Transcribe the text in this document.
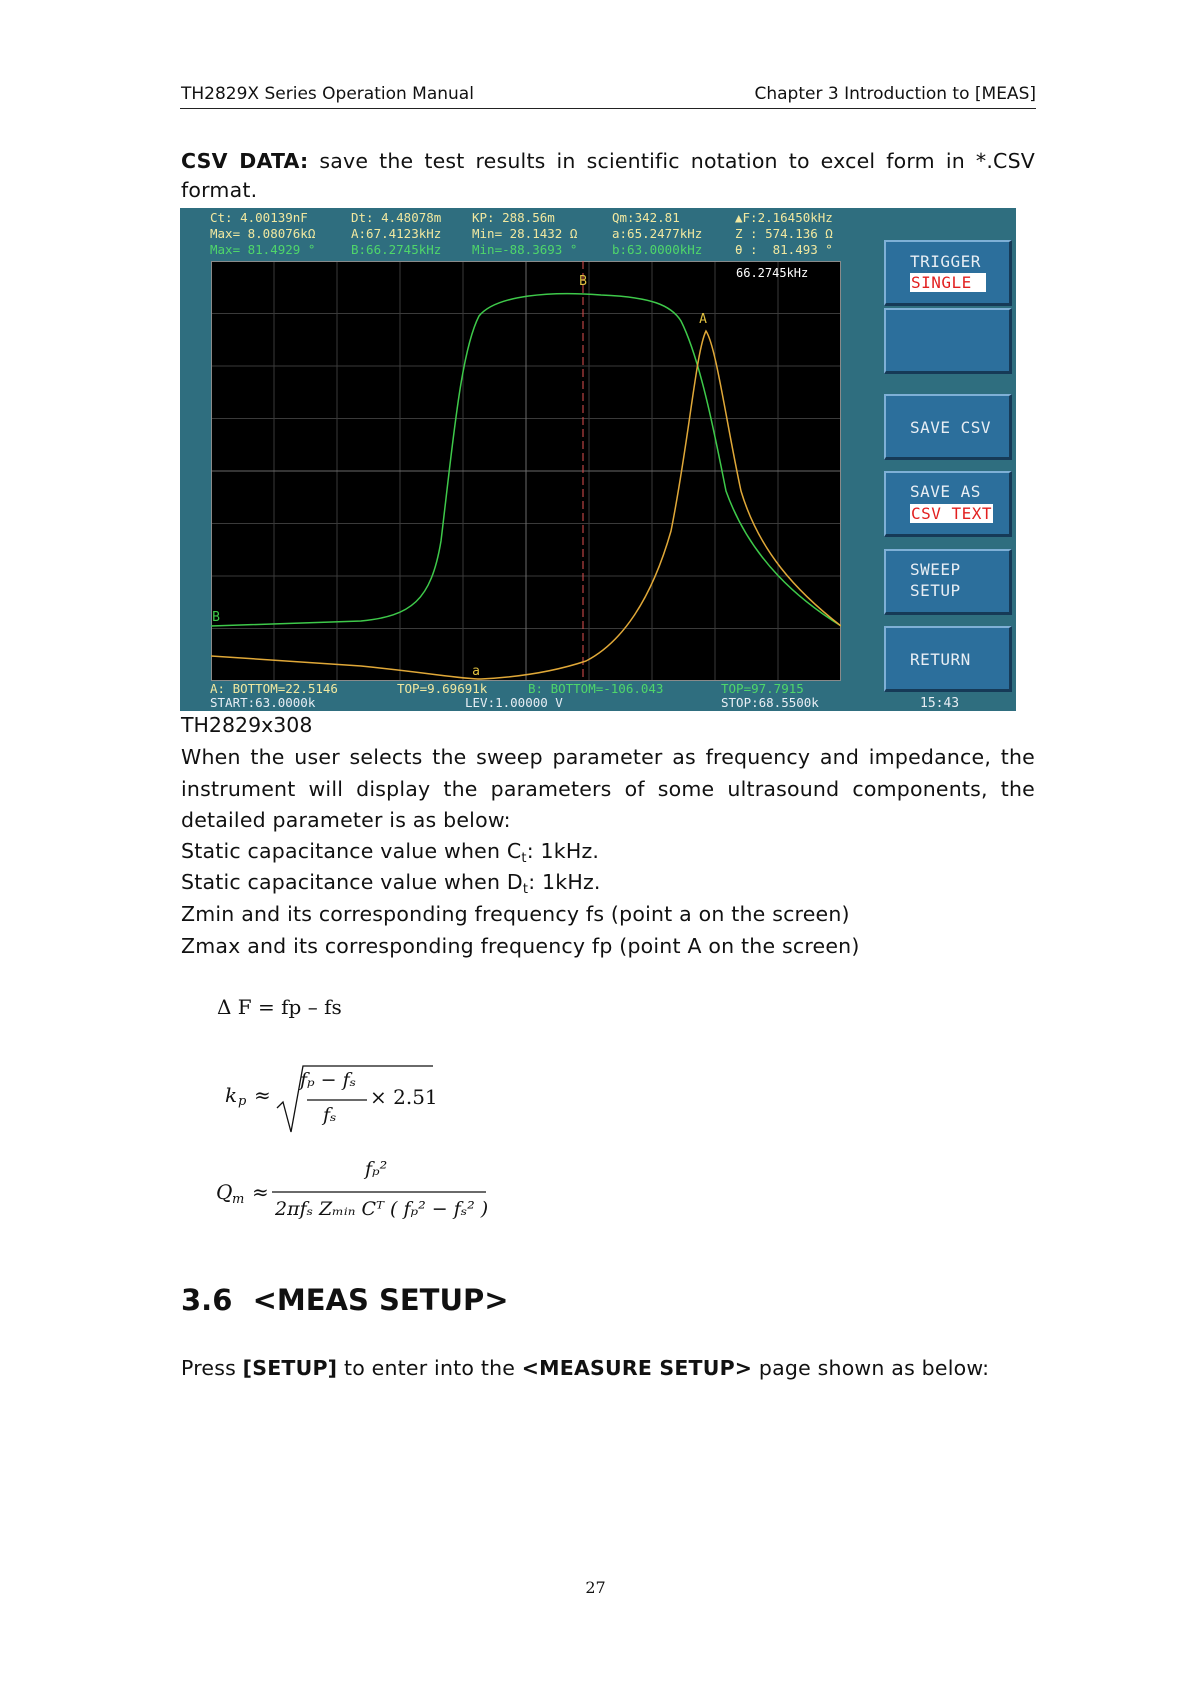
TH2829X Series Operation Manual	Chapter 3 Introduction to [MEAS]
CSV DATA: save the test results in scientific notation to excel form in *.CSV
format.
Ct: 4.00139nF	Dt: 4.48078m KP: 288.56m	Qm:342.81	▲F:2.16450kHz
Max= 8.08076kΩ	A:67.4123kHz Min= 28.1432 Ω	a:65.2477kHz	Z : 574.136 Ω
Max= 81.4929 °	B:66.2745kHz Min=-88.3693 °	b:63.0000kHz	θ :  81.493 °
B
A
a
B
66.2745kHz
A: BOTTOM=22.5146	TOP=9.69691k	B: BOTTOM=-106.043	TOP=97.7915
START:63.0000k	LEV:1.00000 V	STOP:68.5500k
TRIGGER
SINGLE
SAVE CSV
SAVE AS
CSV TEXT
SWEEP
SETUP
RETURN
15:43
TH2829x308
When the user selects the sweep parameter as frequency and impedance, the
instrument will display the parameters of some ultrasound components, the
detailed parameter is as below:
Static capacitance value when $C_t$: 1kHz.
Static capacitance value when $D_t$: 1kHz.
Zmin and its corresponding frequency fs (point a on the screen)
Zmax and its corresponding frequency fp (point A on the screen)
Δ F = fp – fs
k p ≈
fₚ − fₛ
fₛ
× 2.51
Q m ≈
fₚ²
2πfₛ Zₘᵢₙ Cᵀ ( fₚ² − fₛ² )
3.6 <MEAS SETUP>
Press [SETUP] to enter into the <MEASURE SETUP> page shown as below:
27
